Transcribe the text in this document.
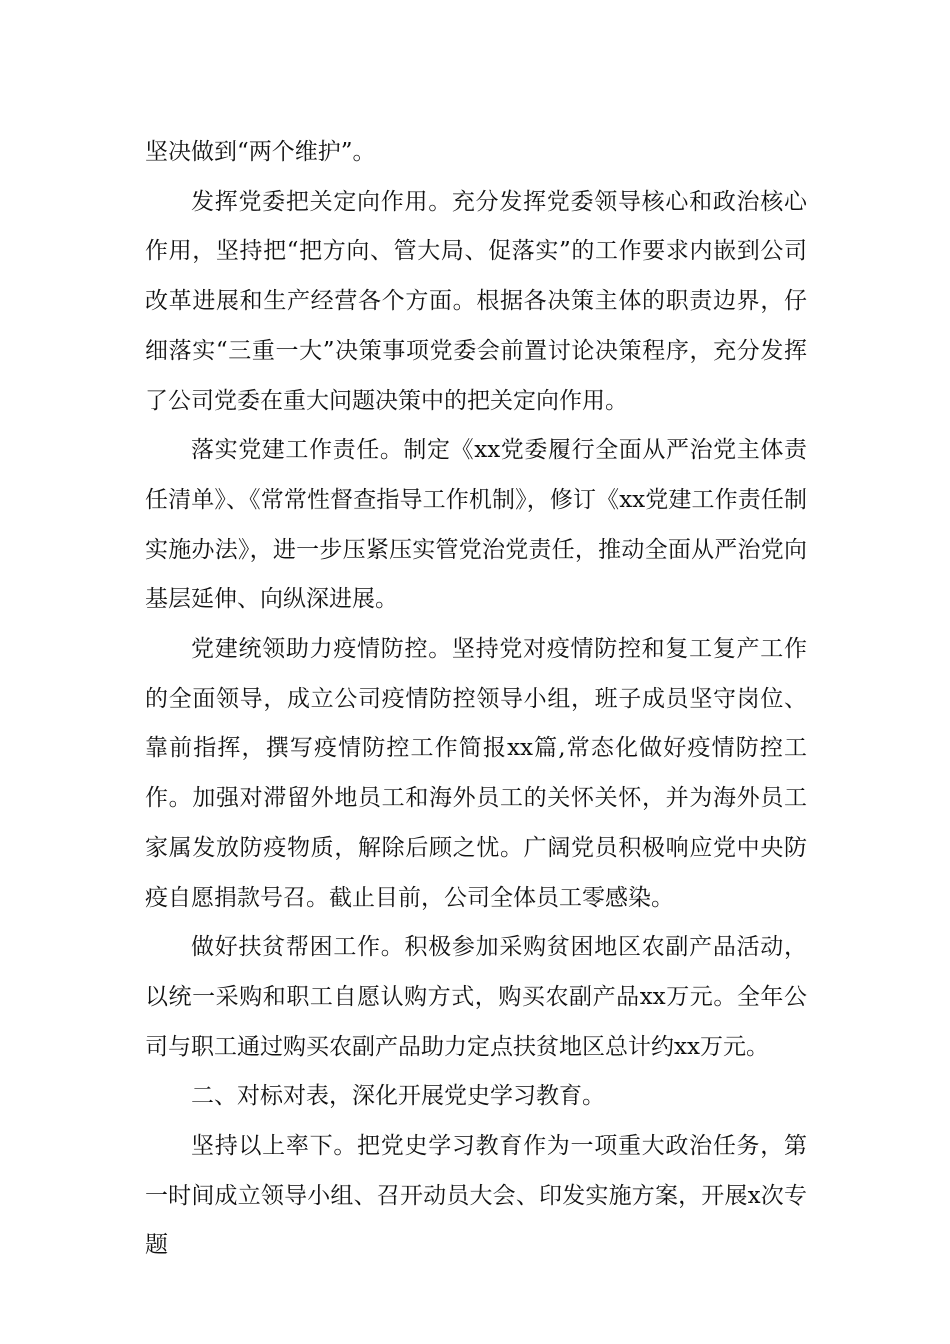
坚决做到“两个维护”。

发挥党委把关定向作用。充分发挥党委领导核心和政治核心作用，坚持把“把方向、管大局、促落实”的工作要求内嵌到公司改革进展和生产经营各个方面。根据各决策主体的职责边界，仔细落实“三重一大”决策事项党委会前置讨论决策程序，充分发挥了公司党委在重大问题决策中的把关定向作用。

落实党建工作责任。制定《xx党委履行全面从严治党主体责任清单》、《常常性督查指导工作机制》，修订《xx党建工作责任制实施办法》，进一步压紧压实管党治党责任，推动全面从严治党向基层延伸、向纵深进展。

党建统领助力疫情防控。坚持党对疫情防控和复工复产工作的全面领导，成立公司疫情防控领导小组，班子成员坚守岗位、靠前指挥，撰写疫情防控工作简报xx篇,常态化做好疫情防控工作。加强对滞留外地员工和海外员工的关怀关怀，并为海外员工家属发放防疫物质，解除后顾之忧。广阔党员积极响应党中央防疫自愿捐款号召。截止目前，公司全体员工零感染。

做好扶贫帮困工作。积极参加采购贫困地区农副产品活动，以统一采购和职工自愿认购方式，购买农副产品xx万元。全年公司与职工通过购买农副产品助力定点扶贫地区总计约xx万元。

二、对标对表，深化开展党史学习教育。

坚持以上率下。把党史学习教育作为一项重大政治任务，第一时间成立领导小组、召开动员大会、印发实施方案，开展x次专题
